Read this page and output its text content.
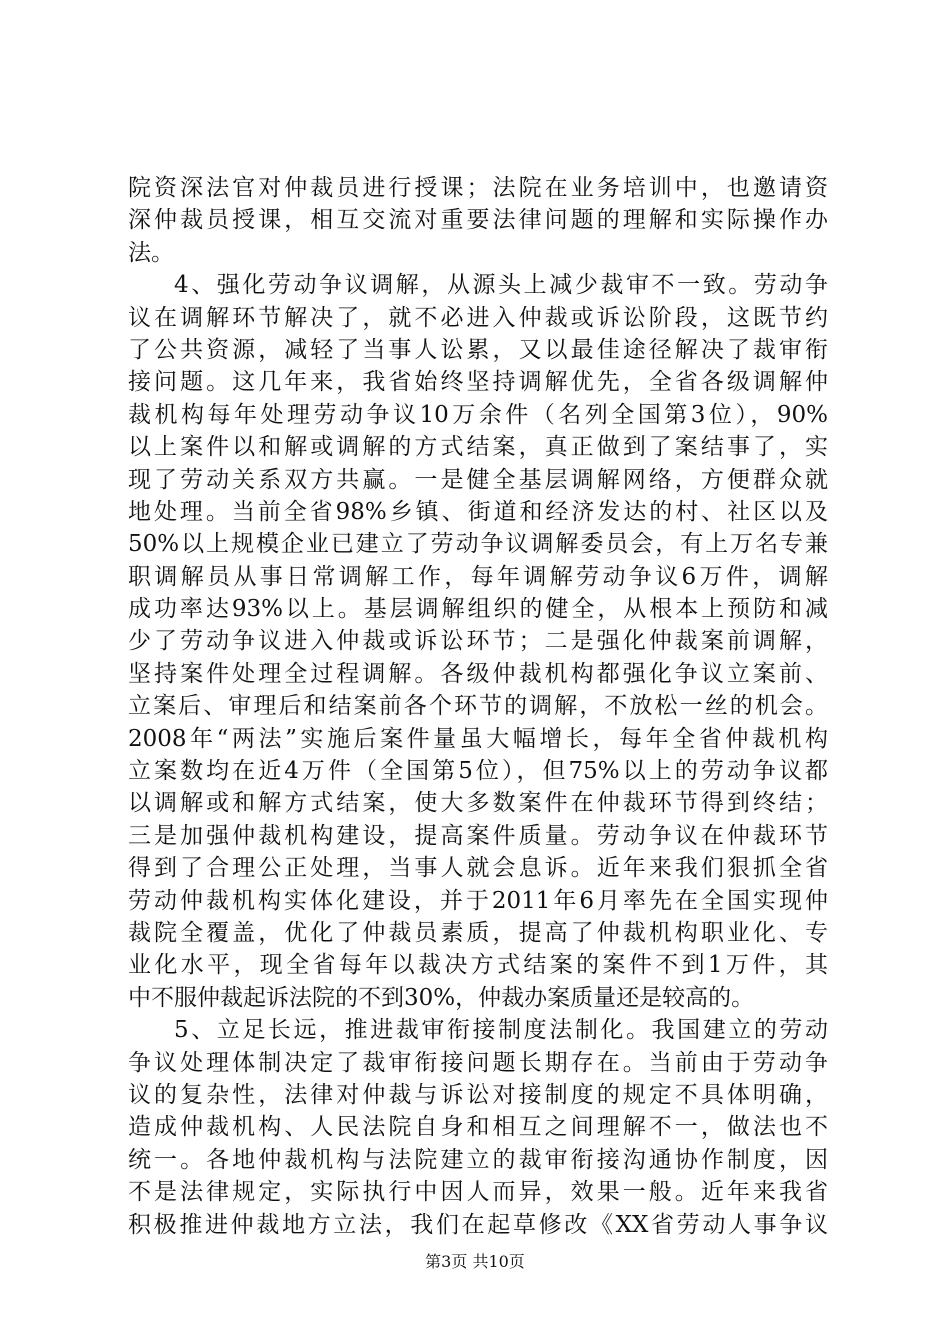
院资深法官对仲裁员进行授课；法院在业务培训中，也邀请资
深仲裁员授课，相互交流对重要法律问题的理解和实际操作办
法。
4、强化劳动争议调解，从源头上减少裁审不一致。劳动争
议在调解环节解决了，就不必进入仲裁或诉讼阶段，这既节约
了公共资源，减轻了当事人讼累，又以最佳途径解决了裁审衔
接问题。这几年来，我省始终坚持调解优先，全省各级调解仲
裁机构每年处理劳动争议10万余件（名列全国第3位），90%
以上案件以和解或调解的方式结案，真正做到了案结事了，实
现了劳动关系双方共赢。一是健全基层调解网络，方便群众就
地处理。当前全省98%乡镇、街道和经济发达的村、社区以及
50%以上规模企业已建立了劳动争议调解委员会，有上万名专兼
职调解员从事日常调解工作，每年调解劳动争议6万件，调解
成功率达93%以上。基层调解组织的健全，从根本上预防和减
少了劳动争议进入仲裁或诉讼环节；二是强化仲裁案前调解，
坚持案件处理全过程调解。各级仲裁机构都强化争议立案前、
立案后、审理后和结案前各个环节的调解，不放松一丝的机会。
2008年“两法”实施后案件量虽大幅增长，每年全省仲裁机构
立案数均在近4万件（全国第5位），但75%以上的劳动争议都
以调解或和解方式结案，使大多数案件在仲裁环节得到终结；
三是加强仲裁机构建设，提高案件质量。劳动争议在仲裁环节
得到了合理公正处理，当事人就会息诉。近年来我们狠抓全省
劳动仲裁机构实体化建设，并于2011年6月率先在全国实现仲
裁院全覆盖，优化了仲裁员素质，提高了仲裁机构职业化、专
业化水平，现全省每年以裁决方式结案的案件不到1万件，其
中不服仲裁起诉法院的不到30%，仲裁办案质量还是较高的。
5、立足长远，推进裁审衔接制度法制化。我国建立的劳动
争议处理体制决定了裁审衔接问题长期存在。当前由于劳动争
议的复杂性，法律对仲裁与诉讼对接制度的规定不具体明确，
造成仲裁机构、人民法院自身和相互之间理解不一，做法也不
统一。各地仲裁机构与法院建立的裁审衔接沟通协作制度，因
不是法律规定，实际执行中因人而异，效果一般。近年来我省
积极推进仲裁地方立法，我们在起草修改《XX省劳动人事争议
第3页 共10页
